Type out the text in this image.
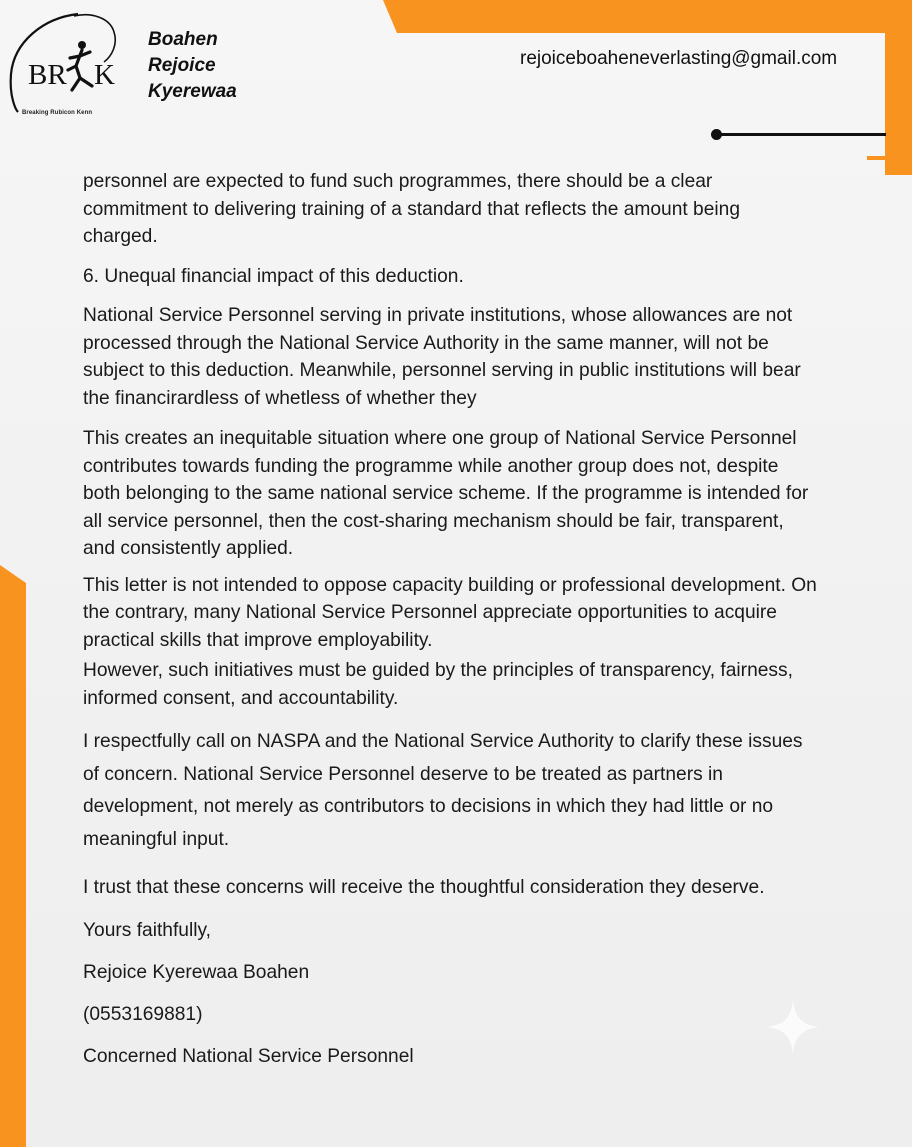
BR K
Breaking Rubicon Kenn
Boahen
Rejoice
Kyerewaa
rejoiceboaheneverlasting@gmail.com

personnel are expected to fund such programmes, there should be a clear commitment to delivering training of a standard that reflects the amount being charged.

6. Unequal financial impact of this deduction.

National Service Personnel serving in private institutions, whose allowances are not processed through the National Service Authority in the same manner, will not be subject to this deduction. Meanwhile, personnel serving in public institutions will bear the financirardless of whetless of whether they

This creates an inequitable situation where one group of National Service Personnel contributes towards funding the programme while another group does not, despite both belonging to the same national service scheme. If the programme is intended for all service personnel, then the cost-sharing mechanism should be fair, transparent, and consistently applied.

This letter is not intended to oppose capacity building or professional development. On the contrary, many National Service Personnel appreciate opportunities to acquire practical skills that improve employability.

However, such initiatives must be guided by the principles of transparency, fairness, informed consent, and accountability.

I respectfully call on NASPA and the National Service Authority to clarify these issues of concern. National Service Personnel deserve to be treated as partners in development, not merely as contributors to decisions in which they had little or no meaningful input.

I trust that these concerns will receive the thoughtful consideration they deserve.

Yours faithfully,

Rejoice Kyerewaa Boahen

(0553169881)

Concerned National Service Personnel
